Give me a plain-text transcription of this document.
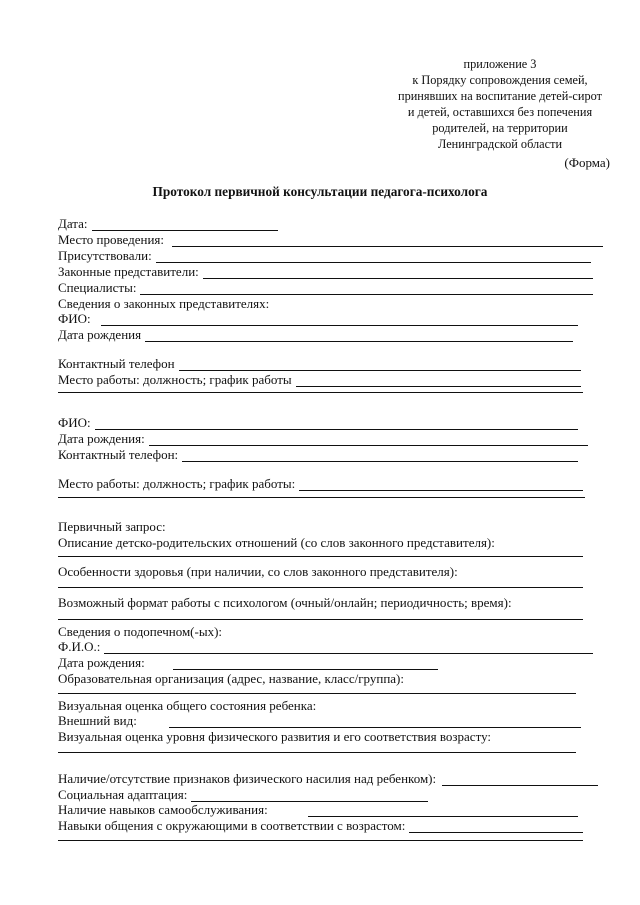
приложение 3
к Порядку сопровождения семей,
принявших на воспитание детей-сирот
и детей, оставшихся без попечения
родителей, на территории
Ленинградской области
(Форма)
Протокол первичной консультации педагога-психолога
Дата:
Место проведения:
Присутствовали:
Законные представители:
Специалисты:
Сведения о законных представителях:
ФИО:
Дата рождения
Контактный телефон
Место работы: должность; график работы
ФИО:
Дата рождения:
Контактный телефон:
Место работы: должность; график работы:
Первичный запрос:
Описание детско-родительских отношений (со слов законного представителя):
Особенности здоровья (при наличии, со слов законного представителя):
Возможный формат работы с психологом (очный/онлайн; периодичность; время):
Сведения о подопечном(-ых):
Ф.И.О.:
Дата рождения:
Образовательная организация (адрес, название, класс/группа):
Визуальная оценка общего состояния ребенка:
Внешний вид:
Визуальная оценка уровня физического развития и его соответствия возрасту:
Наличие/отсутствие признаков физического насилия над ребенком):
Социальная адаптация:
Наличие навыков самообслуживания:
Навыки общения с окружающими в соответствии с возрастом:
